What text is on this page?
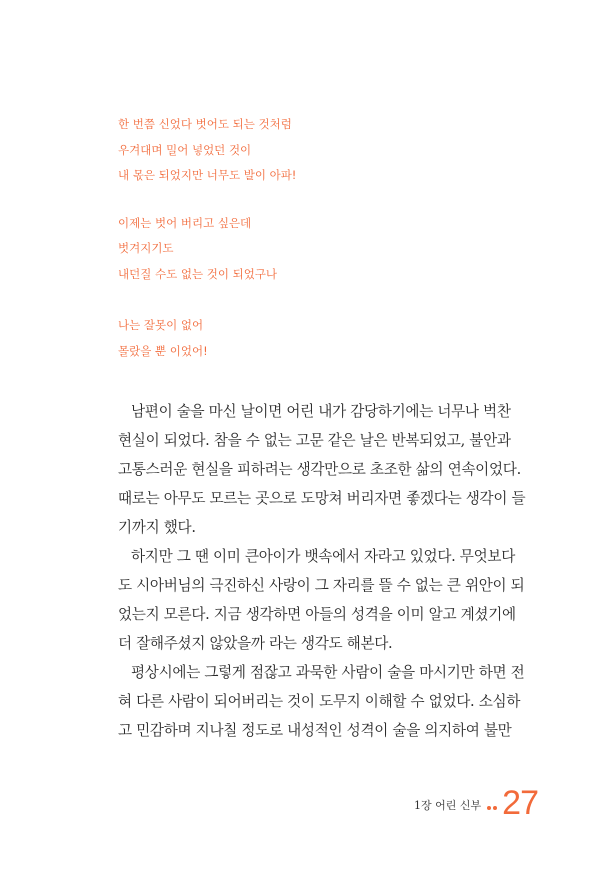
한 번쯤 신었다 벗어도 되는 것처럼
우겨대며 밀어 넣었던 것이
내 몫은 되었지만 너무도 발이 아파!
이제는 벗어 버리고 싶은데
벗겨지기도
내던질 수도 없는 것이 되었구나
나는 잘못이 없어
몰랐을 뿐 이었어!
남편이 술을 마신 날이면 어린 내가 감당하기에는 너무나 벅찬
현실이 되었다. 참을 수 없는 고문 같은 날은 반복되었고, 불안과
고통스러운 현실을 피하려는 생각만으로 초조한 삶의 연속이었다.
때로는 아무도 모르는 곳으로 도망쳐 버리자면 좋겠다는 생각이 들
기까지 했다.
하지만 그 땐 이미 큰아이가 뱃속에서 자라고 있었다. 무엇보다
도 시아버님의 극진하신 사랑이 그 자리를 뜰 수 없는 큰 위안이 되
었는지 모른다. 지금 생각하면 아들의 성격을 이미 알고 계셨기에
더 잘해주셨지 않았을까 라는 생각도 해본다.
평상시에는 그렇게 점잖고 과묵한 사람이 술을 마시기만 하면 전
혀 다른 사람이 되어버리는 것이 도무지 이해할 수 없었다. 소심하
고 민감하며 지나칠 정도로 내성적인 성격이 술을 의지하여 불만
1장 어린 신부 27
